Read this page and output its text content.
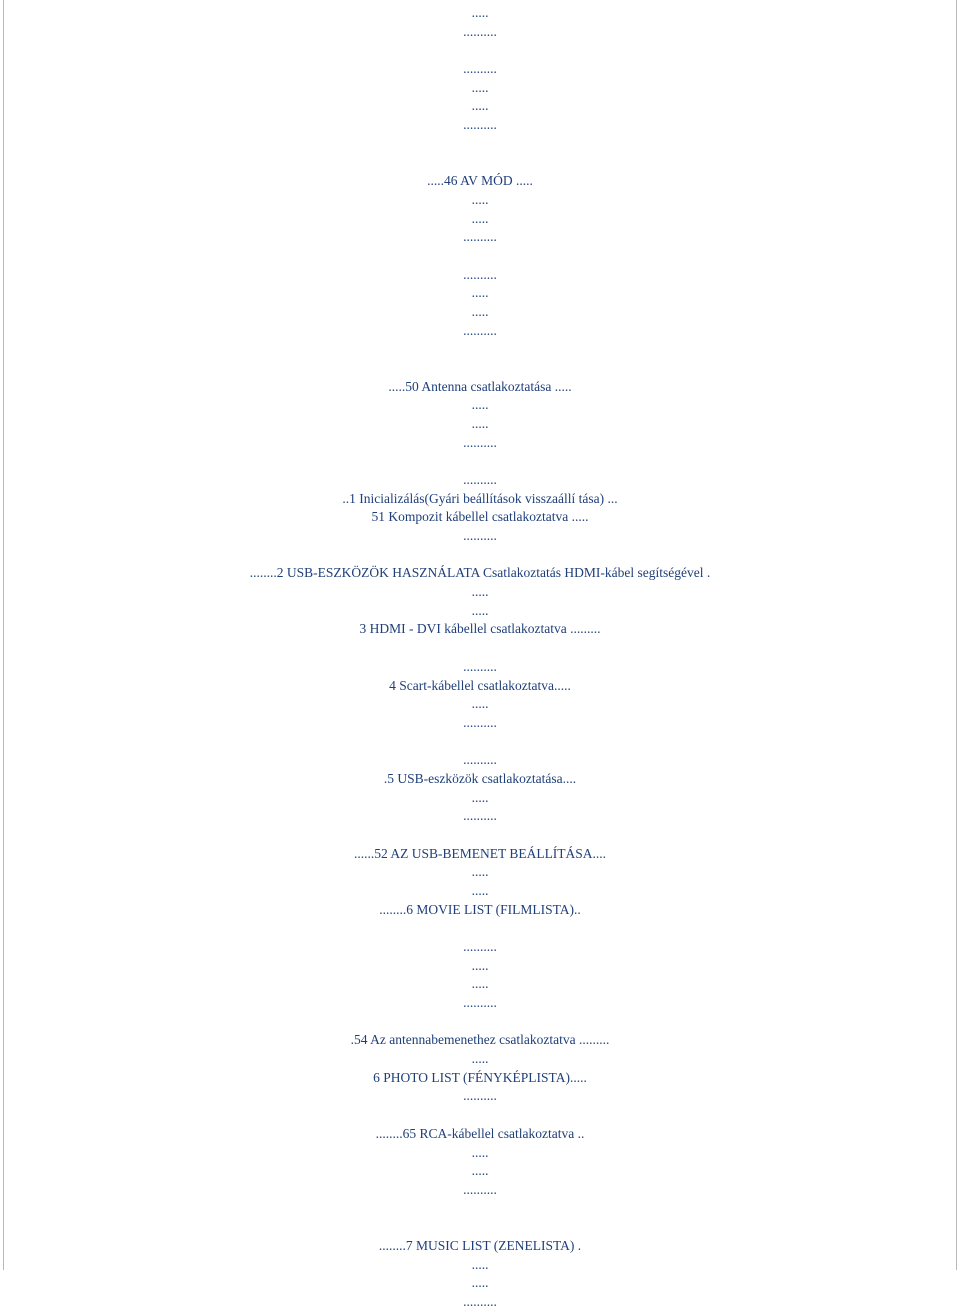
.....
..........
..........
.....
.....
..........
.....46 AV MÓD .....
.....
.....
..........
..........
.....
.....
..........
.....50 Antenna csatlakoztatása .....
.....
.....
..........
..........
..1 Inicializálás(Gyári beállítások visszaállí tása) ...
51 Kompozit kábellel csatlakoztatva .....
..........
........2 USB-ESZKÖZÖK HASZNÁLATA Csatlakoztatás HDMI-kábel segítségével .
.....
.....
3 HDMI - DVI kábellel csatlakoztatva .........
..........
4 Scart-kábellel csatlakoztatva.....
.....
..........
..........
.5 USB-eszközök csatlakoztatása....
.....
..........
......52 AZ USB-BEMENET BEÁLLÍTÁSA....
.....
.....
........6 MOVIE LIST (FILMLISTA)..
..........
.....
.....
..........
.54 Az antennabemenethez csatlakoztatva .........
.....
6 PHOTO LIST (FÉNYKÉPLISTA).....
..........
........65 RCA-kábellel csatlakoztatva ..
.....
.....
..........
........7 MUSIC LIST (ZENELISTA) .
.....
.....
..........
